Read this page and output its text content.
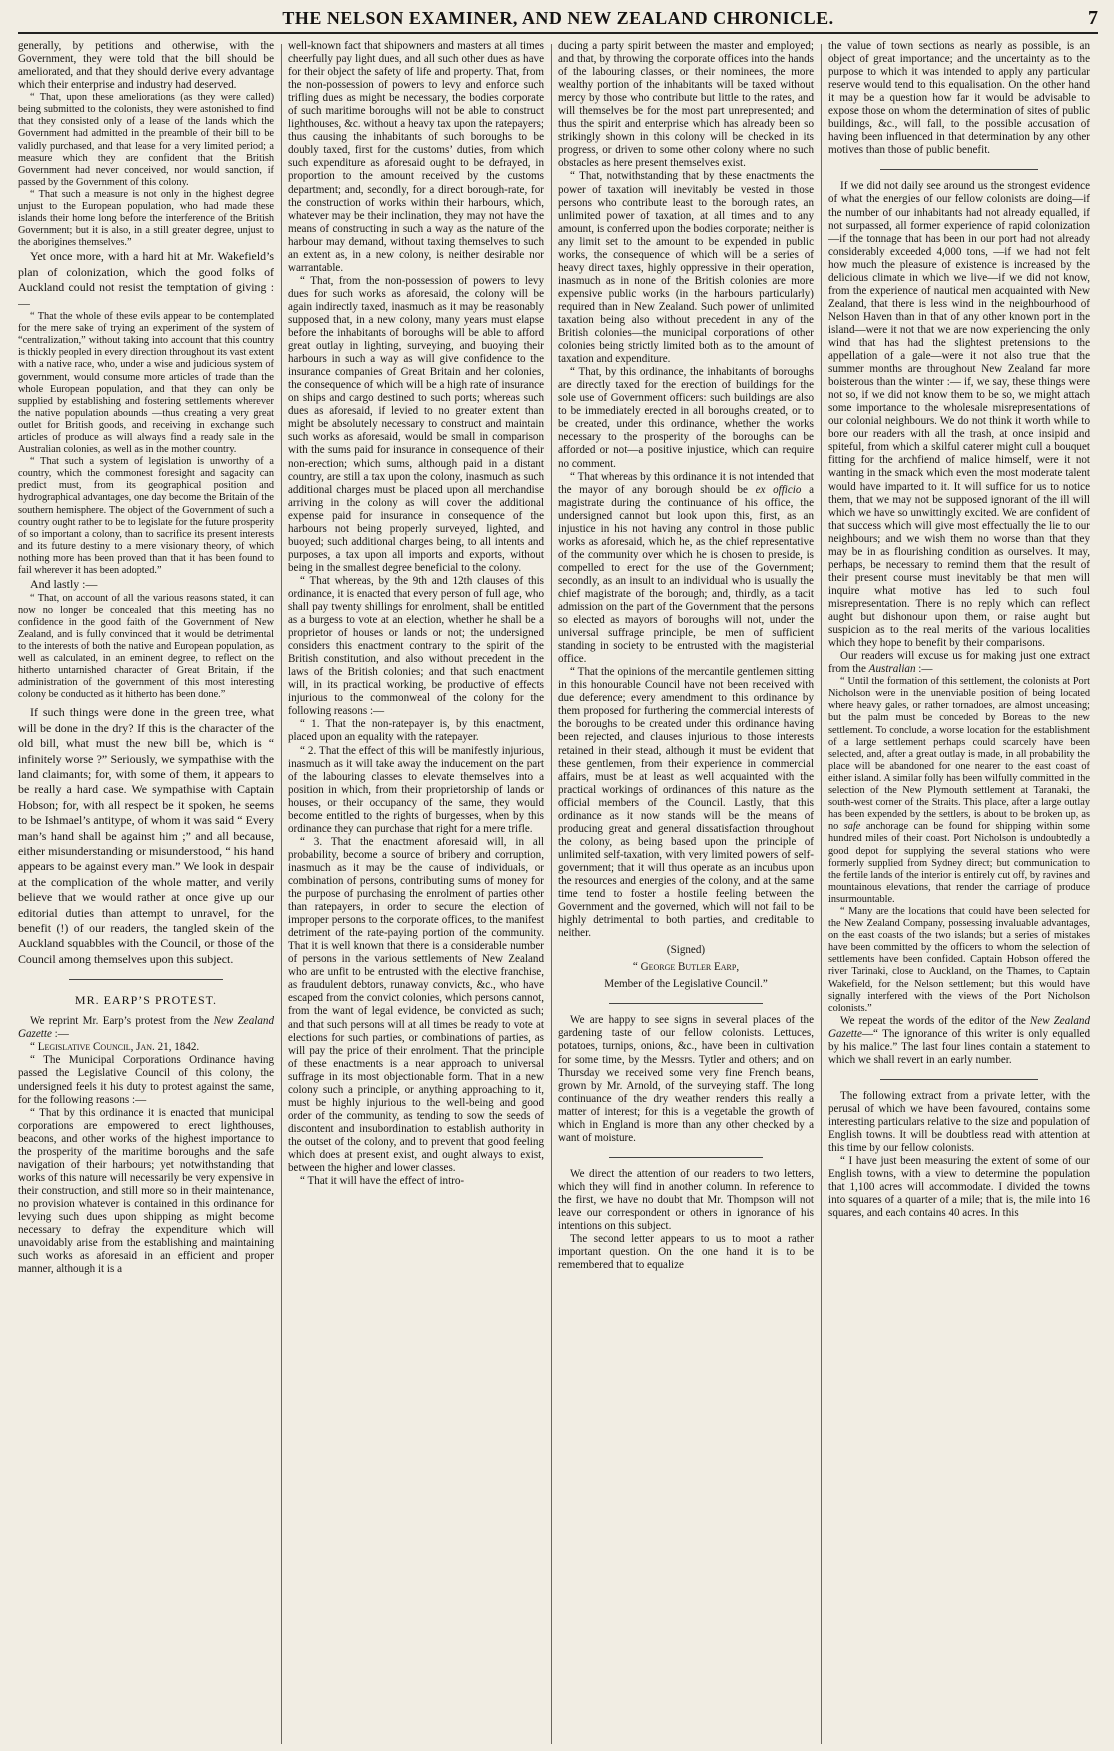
THE NELSON EXAMINER, AND NEW ZEALAND CHRONICLE.	7

generally, by petitions and otherwise, with the Government, they were told that the bill should be ameliorated, and that they should derive every advantage which their enterprise and industry had deserved.

“ That, upon these ameliorations (as they were called) being submitted to the colonists, they were astonished to find that they consisted only of a lease of the lands which the Government had admitted in the preamble of their bill to be validly purchased, and that lease for a very limited period; a measure which they are confident that the British Government had never conceived, nor would sanction, if passed by the Government of this colony.

“ That such a measure is not only in the highest degree unjust to the European population, who had made these islands their home long before the interference of the British Government; but it is also, in a still greater degree, unjust to the aborigines themselves.”

Yet once more, with a hard hit at Mr. Wakefield’s plan of colonization, which the good folks of Auckland could not resist the temptation of giving :—

“ That the whole of these evils appear to be contemplated for the mere sake of trying an experiment of the system of “centralization,” without taking into account that this country is thickly peopled in every direction throughout its vast extent with a native race, who, under a wise and judicious system of government, would consume more articles of trade than the whole European population, and that they can only be supplied by establishing and fostering settlements wherever the native population abounds —thus creating a very great outlet for British goods, and receiving in exchange such articles of produce as will always find a ready sale in the Australian colonies, as well as in the mother country.

“ That such a system of legislation is unworthy of a country, which the commonest foresight and sagacity can predict must, from its geographical position and hydrographical advantages, one day become the Britain of the southern hemisphere. The object of the Government of such a country ought rather to be to legislate for the future prosperity of so important a colony, than to sacrifice its present interests and its future destiny to a mere visionary theory, of which nothing more has been proved than that it has been found to fail wherever it has been adopted.”

And lastly :—

“ That, on account of all the various reasons stated, it can now no longer be concealed that this meeting has no confidence in the good faith of the Government of New Zealand, and is fully convinced that it would be detrimental to the interests of both the native and European population, as well as calculated, in an eminent degree, to reflect on the hitherto untarnished character of Great Britain, if the administration of the government of this most interesting colony be conducted as it hitherto has been done.”

If such things were done in the green tree, what will be done in the dry? If this is the character of the old bill, what must the new bill be, which is “ infinitely worse ?” Seriously, we sympathise with the land claimants; for, with some of them, it appears to be really a hard case. We sympathise with Captain Hobson; for, with all respect be it spoken, he seems to be Ishmael’s antitype, of whom it was said “ Every man’s hand shall be against him ;” and all because, either misunderstanding or misunderstood, “ his hand appears to be against every man.” We look in despair at the complication of the whole matter, and verily believe that we would rather at once give up our editorial duties than attempt to unravel, for the benefit (!) of our readers, the tangled skein of the Auckland squabbles with the Council, or those of the Council among themselves upon this subject.

MR. EARP’S PROTEST.

We reprint Mr. Earp’s protest from the New Zealand Gazette :—

“ Legislative Council, Jan. 21, 1842.

“ The Municipal Corporations Ordinance having passed the Legislative Council of this colony, the undersigned feels it his duty to protest against the same, for the following reasons :—

“ That by this ordinance it is enacted that municipal corporations are empowered to erect lighthouses, beacons, and other works of the highest importance to the prosperity of the maritime boroughs and the safe navigation of their harbours; yet notwithstanding that works of this nature will necessarily be very expensive in their construction, and still more so in their maintenance, no provision whatever is contained in this ordinance for levying such dues upon shipping as might become necessary to defray the expenditure which will unavoidably arise from the establishing and maintaining such works as aforesaid in an efficient and proper manner, although it is a

well-known fact that shipowners and masters at all times cheerfully pay light dues, and all such other dues as have for their object the safety of life and property. That, from the non-possession of powers to levy and enforce such trifling dues as might be necessary, the bodies corporate of such maritime boroughs will not be able to construct lighthouses, &c. without a heavy tax upon the ratepayers; thus causing the inhabitants of such boroughs to be doubly taxed, first for the customs’ duties, from which such expenditure as aforesaid ought to be defrayed, in proportion to the amount received by the customs department; and, secondly, for a direct borough-rate, for the construction of works within their harbours, which, whatever may be their inclination, they may not have the means of constructing in such a way as the nature of the harbour may demand, without taxing themselves to such an extent as, in a new colony, is neither desirable nor warrantable.

“ That, from the non-possession of powers to levy dues for such works as aforesaid, the colony will be again indirectly taxed, inasmuch as it may be reasonably supposed that, in a new colony, many years must elapse before the inhabitants of boroughs will be able to afford great outlay in lighting, surveying, and buoying their harbours in such a way as will give confidence to the insurance companies of Great Britain and her colonies, the consequence of which will be a high rate of insurance on ships and cargo destined to such ports; whereas such dues as aforesaid, if levied to no greater extent than might be absolutely necessary to construct and maintain such works as aforesaid, would be small in comparison with the sums paid for insurance in consequence of their non-erection; which sums, although paid in a distant country, are still a tax upon the colony, inasmuch as such additional charges must be placed upon all merchandise arriving in the colony as will cover the additional expense paid for insurance in consequence of the harbours not being properly surveyed, lighted, and buoyed; such additional charges being, to all intents and purposes, a tax upon all imports and exports, without being in the smallest degree beneficial to the colony.

“ That whereas, by the 9th and 12th clauses of this ordinance, it is enacted that every person of full age, who shall pay twenty shillings for enrolment, shall be entitled as a burgess to vote at an election, whether he shall be a proprietor of houses or lands or not; the undersigned considers this enactment contrary to the spirit of the British constitution, and also without precedent in the laws of the British colonies; and that such enactment will, in its practical working, be productive of effects injurious to the commonweal of the colony for the following reasons :—

“ 1. That the non-ratepayer is, by this enactment, placed upon an equality with the ratepayer.

“ 2. That the effect of this will be manifestly injurious, inasmuch as it will take away the inducement on the part of the labouring classes to elevate themselves into a position in which, from their proprietorship of lands or houses, or their occupancy of the same, they would become entitled to the rights of burgesses, when by this ordinance they can purchase that right for a mere trifle.

“ 3. That the enactment aforesaid will, in all probability, become a source of bribery and corruption, inasmuch as it may be the cause of individuals, or combination of persons, contributing sums of money for the purpose of purchasing the enrolment of parties other than ratepayers, in order to secure the election of improper persons to the corporate offices, to the manifest detriment of the rate-paying portion of the community. That it is well known that there is a considerable number of persons in the various settlements of New Zealand who are unfit to be entrusted with the elective franchise, as fraudulent debtors, runaway convicts, &c., who have escaped from the convict colonies, which persons cannot, from the want of legal evidence, be convicted as such; and that such persons will at all times be ready to vote at elections for such parties, or combinations of parties, as will pay the price of their enrolment. That the principle of these enactments is a near approach to universal suffrage in its most objectionable form. That in a new colony such a principle, or anything approaching to it, must be highly injurious to the well-being and good order of the community, as tending to sow the seeds of discontent and insubordination to establish authority in the outset of the colony, and to prevent that good feeling which does at present exist, and ought always to exist, between the higher and lower classes.

“ That it will have the effect of intro-

ducing a party spirit between the master and employed; and that, by throwing the corporate offices into the hands of the labouring classes, or their nominees, the more wealthy portion of the inhabitants will be taxed without mercy by those who contribute but little to the rates, and will themselves be for the most part unrepresented; and thus the spirit and enterprise which has already been so strikingly shown in this colony will be checked in its progress, or driven to some other colony where no such obstacles as here present themselves exist.

“ That, notwithstanding that by these enactments the power of taxation will inevitably be vested in those persons who contribute least to the borough rates, an unlimited power of taxation, at all times and to any amount, is conferred upon the bodies corporate; neither is any limit set to the amount to be expended in public works, the consequence of which will be a series of heavy direct taxes, highly oppressive in their operation, inasmuch as in none of the British colonies are more expensive public works (in the harbours particularly) required than in New Zealand. Such power of unlimited taxation being also without precedent in any of the British colonies—the municipal corporations of other colonies being strictly limited both as to the amount of taxation and expenditure.

“ That, by this ordinance, the inhabitants of boroughs are directly taxed for the erection of buildings for the sole use of Government officers: such buildings are also to be immediately erected in all boroughs created, or to be created, under this ordinance, whether the works necessary to the prosperity of the boroughs can be afforded or not—a positive injustice, which can require no comment.

“ That whereas by this ordinance it is not intended that the mayor of any borough should be ex officio a magistrate during the continuance of his office, the undersigned cannot but look upon this, first, as an injustice in his not having any control in those public works as aforesaid, which he, as the chief representative of the community over which he is chosen to preside, is compelled to erect for the use of the Government; secondly, as an insult to an individual who is usually the chief magistrate of the borough; and, thirdly, as a tacit admission on the part of the Government that the persons so elected as mayors of boroughs will not, under the universal suffrage principle, be men of sufficient standing in society to be entrusted with the magisterial office.

“ That the opinions of the mercantile gentlemen sitting in this honourable Council have not been received with due deference; every amendment to this ordinance by them proposed for furthering the commercial interests of the boroughs to be created under this ordinance having been rejected, and clauses injurious to those interests retained in their stead, although it must be evident that these gentlemen, from their experience in commercial affairs, must be at least as well acquainted with the practical workings of ordinances of this nature as the official members of the Council. Lastly, that this ordinance as it now stands will be the means of producing great and general dissatisfaction throughout the colony, as being based upon the principle of unlimited self-taxation, with very limited powers of self-government; that it will thus operate as an incubus upon the resources and energies of the colony, and at the same time tend to foster a hostile feeling between the Government and the governed, which will not fail to be highly detrimental to both parties, and creditable to neither.

(Signed)

“ George Butler Earp,

Member of the Legislative Council.”

We are happy to see signs in several places of the gardening taste of our fellow colonists. Lettuces, potatoes, turnips, onions, &c., have been in cultivation for some time, by the Messrs. Tytler and others; and on Thursday we received some very fine French beans, grown by Mr. Arnold, of the surveying staff. The long continuance of the dry weather renders this really a matter of interest; for this is a vegetable the growth of which in England is more than any other checked by a want of moisture.

We direct the attention of our readers to two letters, which they will find in another column. In reference to the first, we have no doubt that Mr. Thompson will not leave our correspondent or others in ignorance of his intentions on this subject.

The second letter appears to us to moot a rather important question. On the one hand it is to be remembered that to equalize

the value of town sections as nearly as possible, is an object of great importance; and the uncertainty as to the purpose to which it was intended to apply any particular reserve would tend to this equalisation. On the other hand it may be a question how far it would be advisable to expose those on whom the determination of sites of public buildings, &c., will fall, to the possible accusation of having been influenced in that determination by any other motives than those of public benefit.

If we did not daily see around us the strongest evidence of what the energies of our fellow colonists are doing—if the number of our inhabitants had not already equalled, if not surpassed, all former experience of rapid colonization—if the tonnage that has been in our port had not already considerably exceeded 4,000 tons, —if we had not felt how much the pleasure of existence is increased by the delicious climate in which we live—if we did not know, from the experience of nautical men acquainted with New Zealand, that there is less wind in the neighbourhood of Nelson Haven than in that of any other known port in the island—were it not that we are now experiencing the only wind that has had the slightest pretensions to the appellation of a gale—were it not also true that the summer months are throughout New Zealand far more boisterous than the winter :— if, we say, these things were not so, if we did not know them to be so, we might attach some importance to the wholesale misrepresentations of our colonial neighbours. We do not think it worth while to bore our readers with all the trash, at once insipid and spiteful, from which a skilful caterer might cull a bouquet fitting for the archfiend of malice himself, were it not wanting in the smack which even the most moderate talent would have imparted to it. It will suffice for us to notice them, that we may not be supposed ignorant of the ill will which we have so unwittingly excited. We are confident of that success which will give most effectually the lie to our neighbours; and we wish them no worse than that they may be in as flourishing condition as ourselves. It may, perhaps, be necessary to remind them that the result of their present course must inevitably be that men will inquire what motive has led to such foul misrepresentation. There is no reply which can reflect aught but dishonour upon them, or raise aught but suspicion as to the real merits of the various localities which they hope to benefit by their comparisons.

Our readers will excuse us for making just one extract from the Australian :—

“ Until the formation of this settlement, the colonists at Port Nicholson were in the unenviable position of being located where heavy gales, or rather tornadoes, are almost unceasing; but the palm must be conceded by Boreas to the new settlement. To conclude, a worse location for the establishment of a large settlement perhaps could scarcely have been selected, and, after a great outlay is made, in all probability the place will be abandoned for one nearer to the east coast of either island. A similar folly has been wilfully committed in the selection of the New Plymouth settlement at Taranaki, the south-west corner of the Straits. This place, after a large outlay has been expended by the settlers, is about to be broken up, as no safe anchorage can be found for shipping within some hundred miles of their coast. Port Nicholson is undoubtedly a good depot for supplying the several stations who were formerly supplied from Sydney direct; but communication to the fertile lands of the interior is entirely cut off, by ravines and mountainous elevations, that render the carriage of produce insurmountable.

“ Many are the locations that could have been selected for the New Zealand Company, possessing invaluable advantages, on the east coasts of the two islands; but a series of mistakes have been committed by the officers to whom the selection of settlements have been confided. Captain Hobson offered the river Tarinaki, close to Auckland, on the Thames, to Captain Wakefield, for the Nelson settlement; but this would have signally interfered with the views of the Port Nicholson colonists.”

We repeat the words of the editor of the New Zealand Gazette—“ The ignorance of this writer is only equalled by his malice.” The last four lines contain a statement to which we shall revert in an early number.

The following extract from a private letter, with the perusal of which we have been favoured, contains some interesting particulars relative to the size and population of English towns. It will be doubtless read with attention at this time by our fellow colonists.

“ I have just been measuring the extent of some of our English towns, with a view to determine the population that 1,100 acres will accommodate. I divided the towns into squares of a quarter of a mile; that is, the mile into 16 squares, and each contains 40 acres. In this
